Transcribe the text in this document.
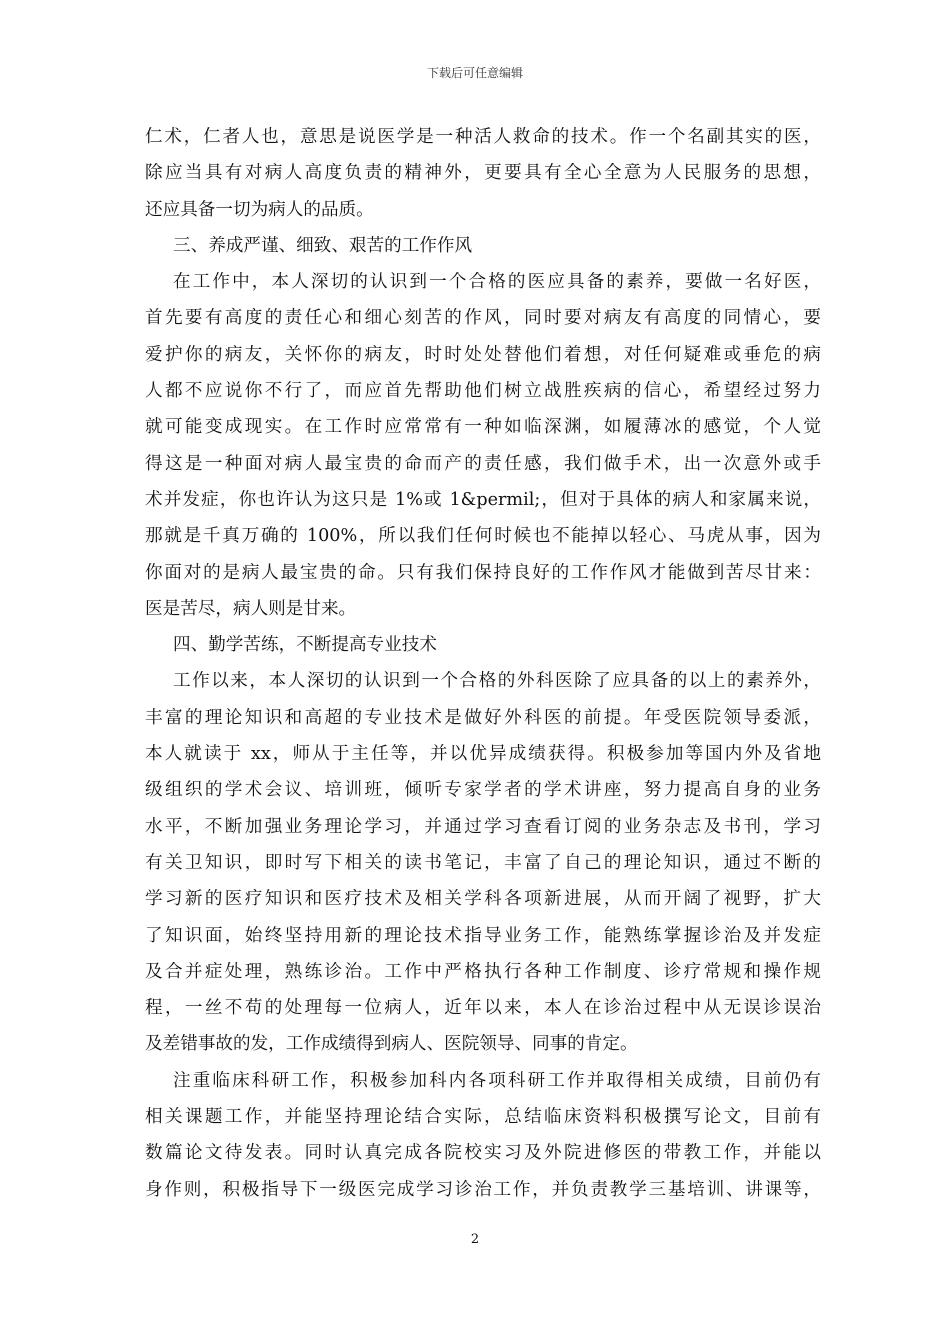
下载后可任意编辑
仁术，仁者人也，意思是说医学是一种活人救命的技术。作一个名副其实的医，
除应当具有对病人高度负责的精神外，更要具有全心全意为人民服务的思想，
还应具备一切为病人的品质。
三、养成严谨、细致、艰苦的工作作风
在工作中，本人深切的认识到一个合格的医应具备的素养，要做一名好医，
首先要有高度的责任心和细心刻苦的作风，同时要对病友有高度的同情心，要
爱护你的病友，关怀你的病友，时时处处替他们着想，对任何疑难或垂危的病
人都不应说你不行了，而应首先帮助他们树立战胜疾病的信心，希望经过努力
就可能变成现实。在工作时应常常有一种如临深渊，如履薄冰的感觉，个人觉
得这是一种面对病人最宝贵的命而产的责任感，我们做手术，出一次意外或手
术并发症，你也许认为这只是 1%或 1&permil;，但对于具体的病人和家属来说，
那就是千真万确的 100%，所以我们任何时候也不能掉以轻心、马虎从事，因为
你面对的是病人最宝贵的命。只有我们保持良好的工作作风才能做到苦尽甘来：
医是苦尽，病人则是甘来。
四、勤学苦练，不断提高专业技术
工作以来，本人深切的认识到一个合格的外科医除了应具备的以上的素养外，
丰富的理论知识和高超的专业技术是做好外科医的前提。年受医院领导委派，
本人就读于 xx，师从于主任等，并以优异成绩获得。积极参加等国内外及省地
级组织的学术会议、培训班，倾听专家学者的学术讲座，努力提高自身的业务
水平，不断加强业务理论学习，并通过学习查看订阅的业务杂志及书刊，学习
有关卫知识，即时写下相关的读书笔记，丰富了自己的理论知识，通过不断的
学习新的医疗知识和医疗技术及相关学科各项新进展，从而开阔了视野，扩大
了知识面，始终坚持用新的理论技术指导业务工作，能熟练掌握诊治及并发症
及合并症处理，熟练诊治。工作中严格执行各种工作制度、诊疗常规和操作规
程，一丝不苟的处理每一位病人，近年以来，本人在诊治过程中从无误诊误治
及差错事故的发，工作成绩得到病人、医院领导、同事的肯定。
注重临床科研工作，积极参加科内各项科研工作并取得相关成绩，目前仍有
相关课题工作，并能坚持理论结合实际，总结临床资料积极撰写论文，目前有
数篇论文待发表。同时认真完成各院校实习及外院进修医的带教工作，并能以
身作则，积极指导下一级医完成学习诊治工作，并负责教学三基培训、讲课等，
2
